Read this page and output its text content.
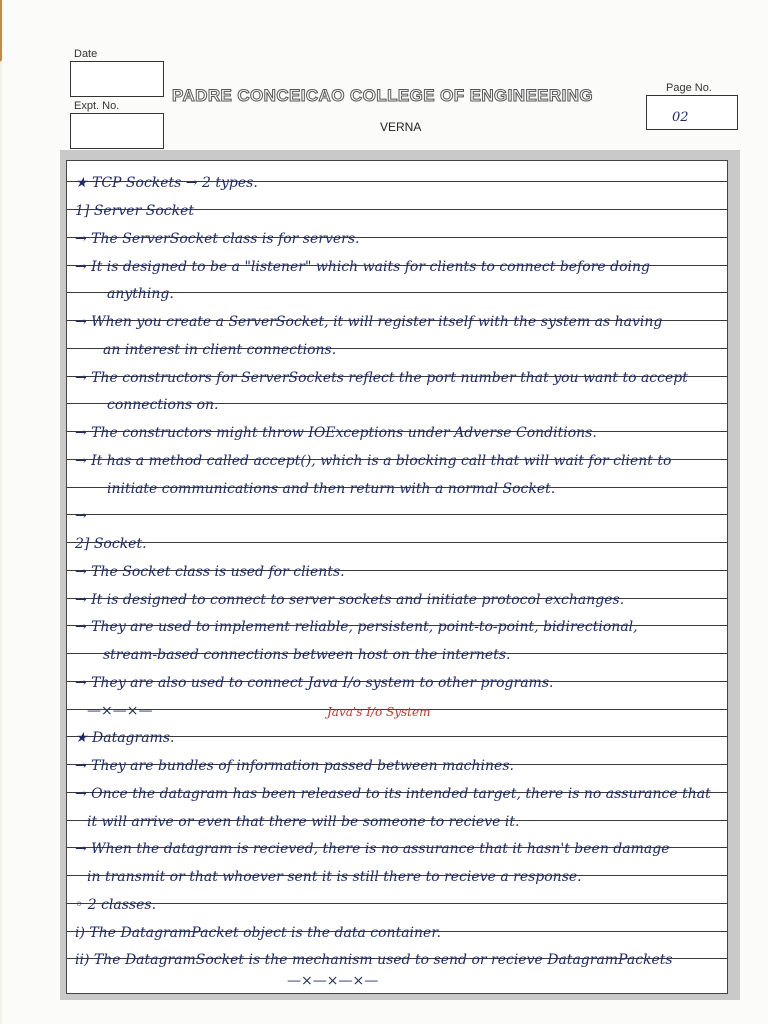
Date
Expt. No.
PADRE CONCEICAO COLLEGE OF ENGINEERING
VERNA
Page No.
02
★ TCP Sockets → 2 types.
1] Server Socket
→ The ServerSocket class is for servers.
→ It is designed to be a "listener" which waits for clients to connect before doing
anything.
→ When you create a ServerSocket, it will register itself with the system as having
an interest in client connections.
→ The constructors for ServerSockets reflect the port number that you want to accept
connections on.
→ The constructors might throw IOExceptions under Adverse Conditions.
→ It has a method called accept(), which is a blocking call that will wait for client to
initiate communications and then return with a normal Socket.
→
2] Socket.
→ The Socket class is used for clients.
→ It is designed to connect to server sockets and initiate protocol exchanges.
→ They are used to implement reliable, persistent, point-to-point, bidirectional,
stream-based connections between host on the internets.
→ They are also used to connect Java I/o system to other programs.
—×—×—	Java's I/o System
★ Datagrams.
→ They are bundles of information passed between machines.
→ Once the datagram has been released to its intended target, there is no assurance that
it will arrive or even that there will be someone to recieve it.
→ When the datagram is recieved, there is no assurance that it hasn't been damage
in transmit or that whoever sent it is still there to recieve a response.
◦ 2 classes.
i) The DatagramPacket object is the data container.
ii) The DatagramSocket is the mechanism used to send or recieve DatagramPackets
—×—×—×—
